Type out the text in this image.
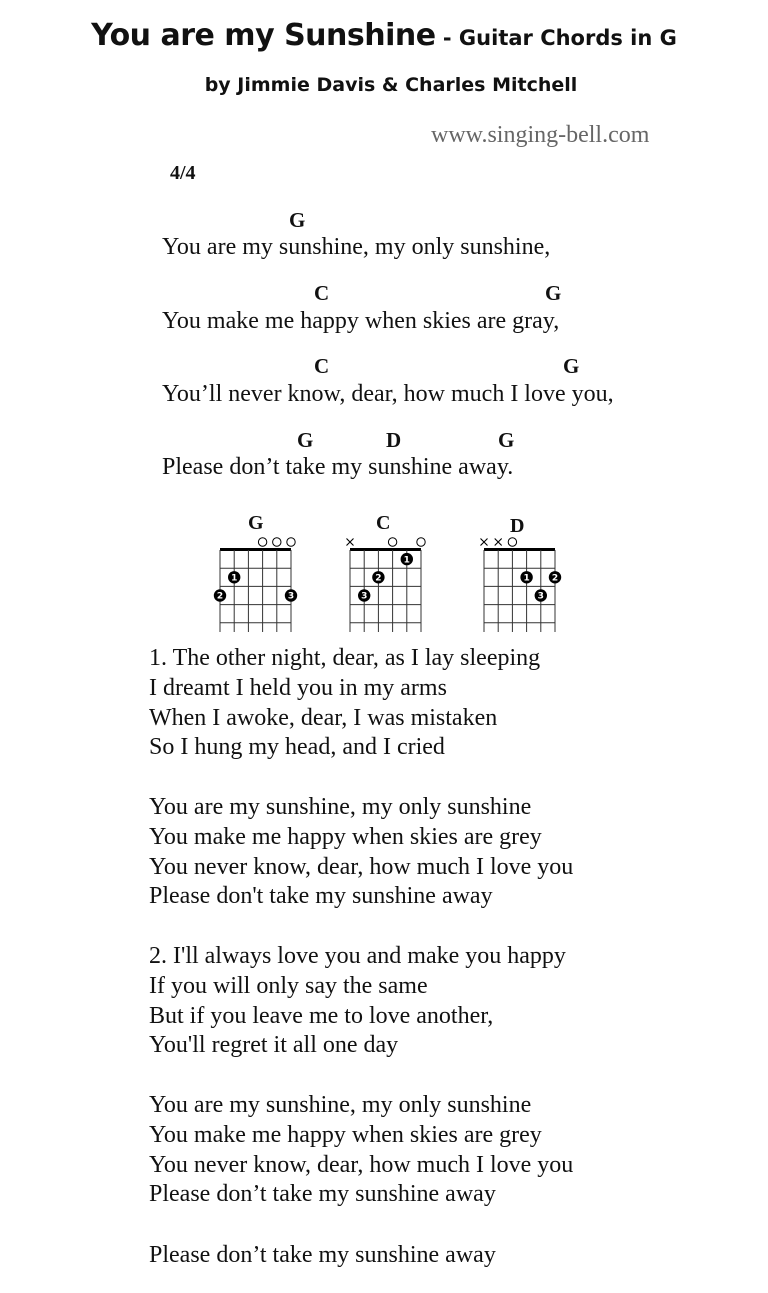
You are my Sunshine - Guitar Chords in G
by Jimmie Davis & Charles Mitchell
www.singing-bell.com
4/4
G
You are my sunshine, my only sunshine,
C	G
You make me happy when skies are gray,
C	G
You’ll never know, dear, how much I love you,
G	D	G
Please don’t take my sunshine away.
G	C	D
1
2	3
1
2
3
1 2
3
1. The other night, dear, as I lay sleeping
I dreamt I held you in my arms
When I awoke, dear, I was mistaken
So I hung my head, and I cried
You are my sunshine, my only sunshine
You make me happy when skies are grey
You never know, dear, how much I love you
Please don't take my sunshine away
2. I'll always love you and make you happy
If you will only say the same
But if you leave me to love another,
You'll regret it all one day
You are my sunshine, my only sunshine
You make me happy when skies are grey
You never know, dear, how much I love you
Please don’t take my sunshine away
Please don’t take my sunshine away
